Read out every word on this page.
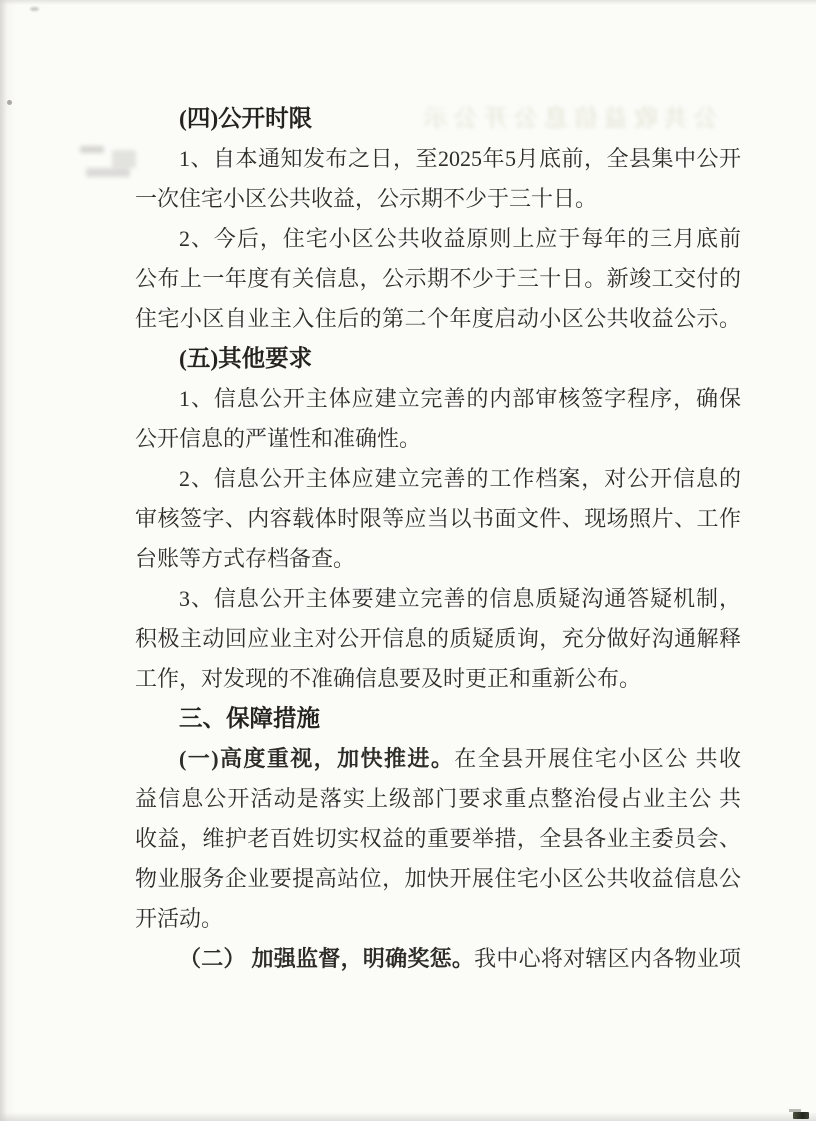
公共收益信息公开公示
(四)公开时限
1、自本通知发布之日，至2025年5月底前，全县集中公开
一次住宅小区公共收益，公示期不少于三十日。
2、今后，住宅小区公共收益原则上应于每年的三月底前
公布上一年度有关信息，公示期不少于三十日。新竣工交付的
住宅小区自业主入住后的第二个年度启动小区公共收益公示。
(五)其他要求
1、信息公开主体应建立完善的内部审核签字程序，确保
公开信息的严谨性和准确性。
2、信息公开主体应建立完善的工作档案，对公开信息的
审核签字、内容载体时限等应当以书面文件、现场照片、工作
台账等方式存档备查。
3、信息公开主体要建立完善的信息质疑沟通答疑机制，
积极主动回应业主对公开信息的质疑质询，充分做好沟通解释
工作，对发现的不准确信息要及时更正和重新公布。
三、保障措施
(一)高度重视，加快推进。在全县开展住宅小区公 共收
益信息公开活动是落实上级部门要求重点整治侵占业主公 共
收益，维护老百姓切实权益的重要举措，全县各业主委员会、
物业服务企业要提高站位，加快开展住宅小区公共收益信息公
开活动。
（二） 加强监督，明确奖惩。我中心将对辖区内各物业项
